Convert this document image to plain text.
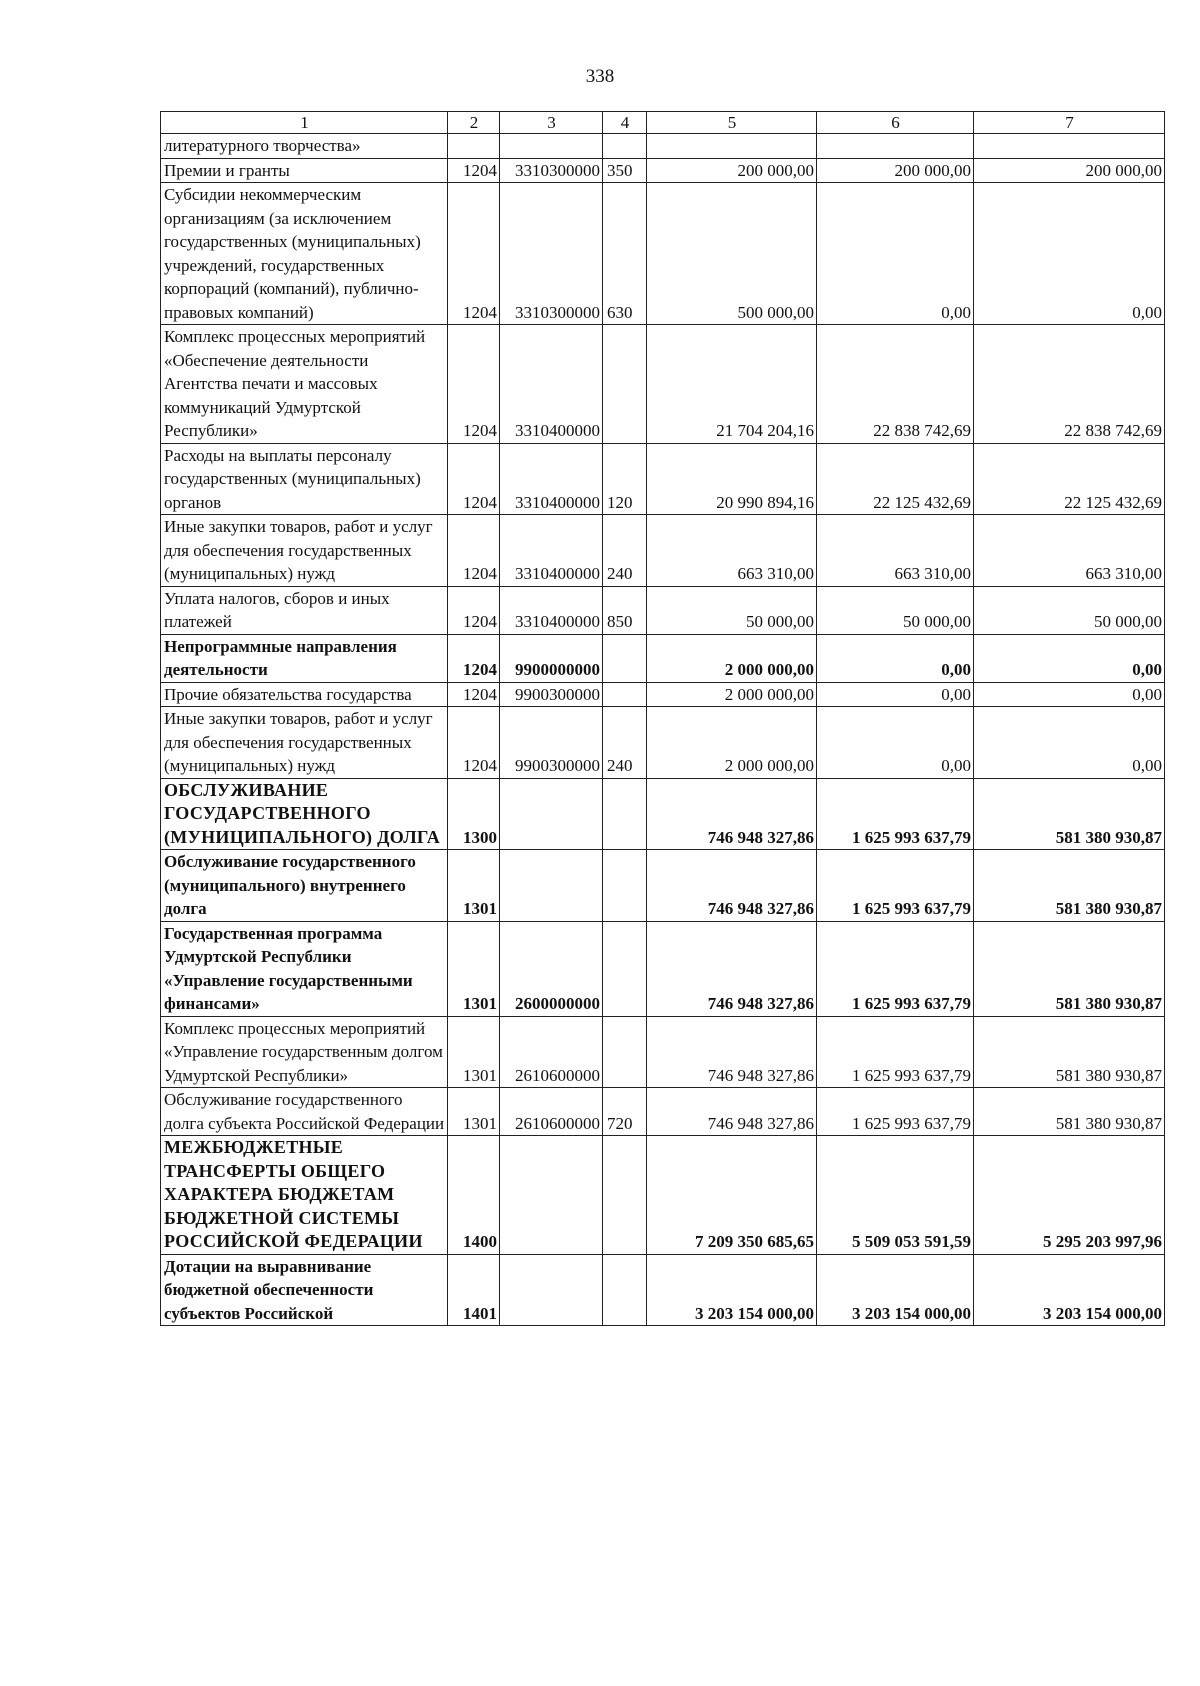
338
1	2	3	4	5	6	7
литературного творчества»						
Премии и гранты	1204	3310300000	350	200 000,00	200 000,00	200 000,00
Субсидии некоммерческим организациям (за исключением государственных (муниципальных) учреждений, государственных корпораций (компаний), публично-правовых компаний)	1204	3310300000	630	500 000,00	0,00	0,00
Комплекс процессных мероприятий «Обеспечение деятельности Агентства печати и массовых коммуникаций Удмуртской Республики»	1204	3310400000		21 704 204,16	22 838 742,69	22 838 742,69
Расходы на выплаты персоналу государственных (муниципальных) органов	1204	3310400000	120	20 990 894,16	22 125 432,69	22 125 432,69
Иные закупки товаров, работ и услуг для обеспечения государственных (муниципальных) нужд	1204	3310400000	240	663 310,00	663 310,00	663 310,00
Уплата налогов, сборов и иных платежей	1204	3310400000	850	50 000,00	50 000,00	50 000,00
Непрограммные направления деятельности	1204	9900000000		2 000 000,00	0,00	0,00
Прочие обязательства государства	1204	9900300000		2 000 000,00	0,00	0,00
Иные закупки товаров, работ и услуг для обеспечения государственных (муниципальных) нужд	1204	9900300000	240	2 000 000,00	0,00	0,00
ОБСЛУЖИВАНИЕ ГОСУДАРСТВЕННОГО (МУНИЦИПАЛЬНОГО) ДОЛГА	1300			746 948 327,86	1 625 993 637,79	581 380 930,87
Обслуживание государственного (муниципального) внутреннего долга	1301			746 948 327,86	1 625 993 637,79	581 380 930,87
Государственная программа Удмуртской Республики «Управление государственными финансами»	1301	2600000000		746 948 327,86	1 625 993 637,79	581 380 930,87
Комплекс процессных мероприятий «Управление государственным долгом Удмуртской Республики»	1301	2610600000		746 948 327,86	1 625 993 637,79	581 380 930,87
Обслуживание государственного долга субъекта Российской Федерации	1301	2610600000	720	746 948 327,86	1 625 993 637,79	581 380 930,87
МЕЖБЮДЖЕТНЫЕ ТРАНСФЕРТЫ ОБЩЕГО ХАРАКТЕРА БЮДЖЕТАМ БЮДЖЕТНОЙ СИСТЕМЫ РОССИЙСКОЙ ФЕДЕРАЦИИ	1400			7 209 350 685,65	5 509 053 591,59	5 295 203 997,96
Дотации на выравнивание бюджетной обеспеченности субъектов Российской	1401			3 203 154 000,00	3 203 154 000,00	3 203 154 000,00
